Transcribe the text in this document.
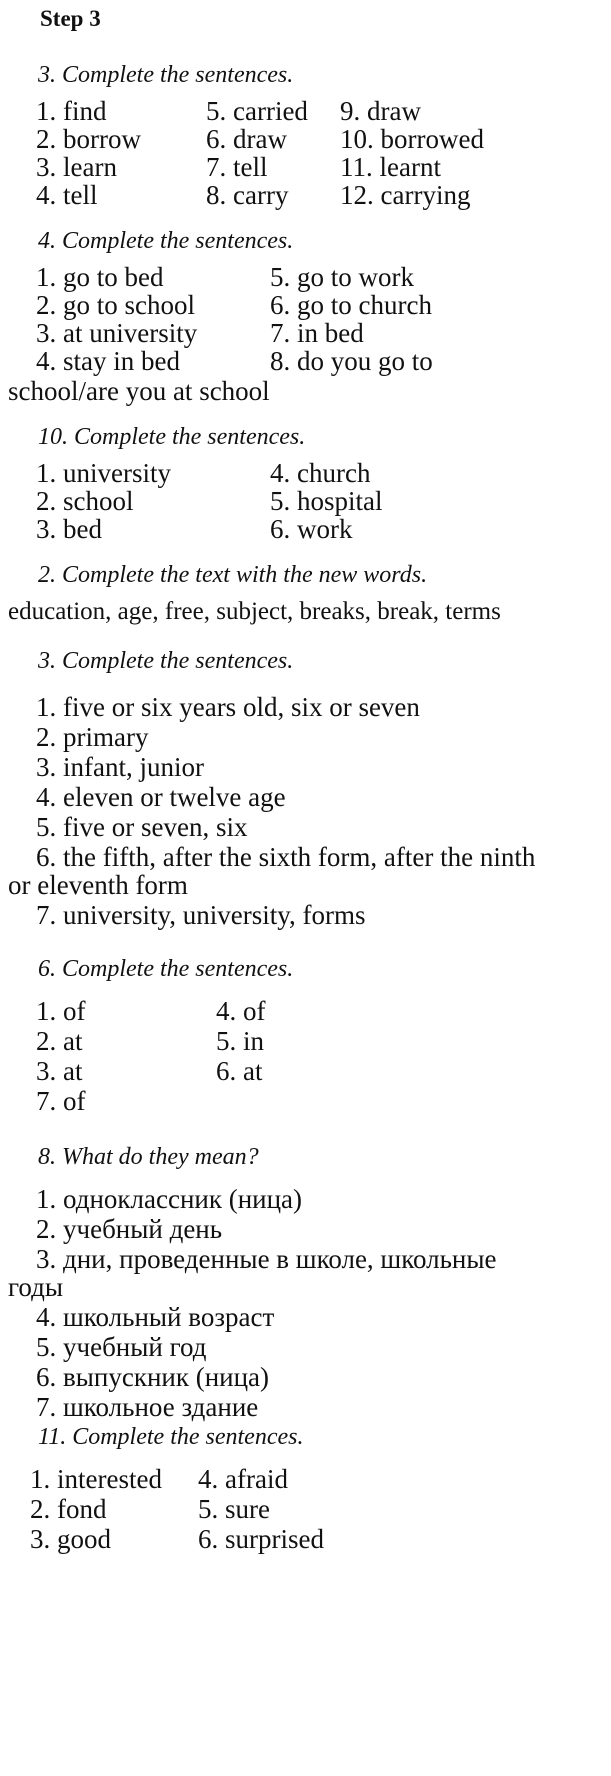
Step 3
3. Complete the sentences.
1. find	5. carried 9. draw
2. borrow 6. draw 10. borrowed
3. learn	7. tell	11. learnt
4. tell	8. carry 12. carrying
4. Complete the sentences.
1. go to bed	5. go to work
2. go to school	6. go to church
3. at university	7. in bed
4. stay in bed	8. do you go to
school/are you at school
10. Complete the sentences.
1. university	4. church
2. school	5. hospital
3. bed	6. work
2. Complete the text with the new words.
education, age, free, subject, breaks, break, terms
3. Complete the sentences.
1. five or six years old, six or seven
2. primary
3. infant, junior
4. eleven or twelve age
5. five or seven, six
6. the fifth, after the sixth form, after the ninth
or eleventh form
7. university, university, forms
6. Complete the sentences.
1. of	4. of
2. at	5. in
3. at	6. at
7. of
8. What do they mean?
1. одноклассник (ница)
2. учебный день
3. дни, проведенные в школе, школьные
годы
4. школьный возраст
5. учебный год
6. выпускник (ница)
7. школьное здание
11. Complete the sentences.
1. interested 4. afraid
2. fond	5. sure
3. good	6. surprised
